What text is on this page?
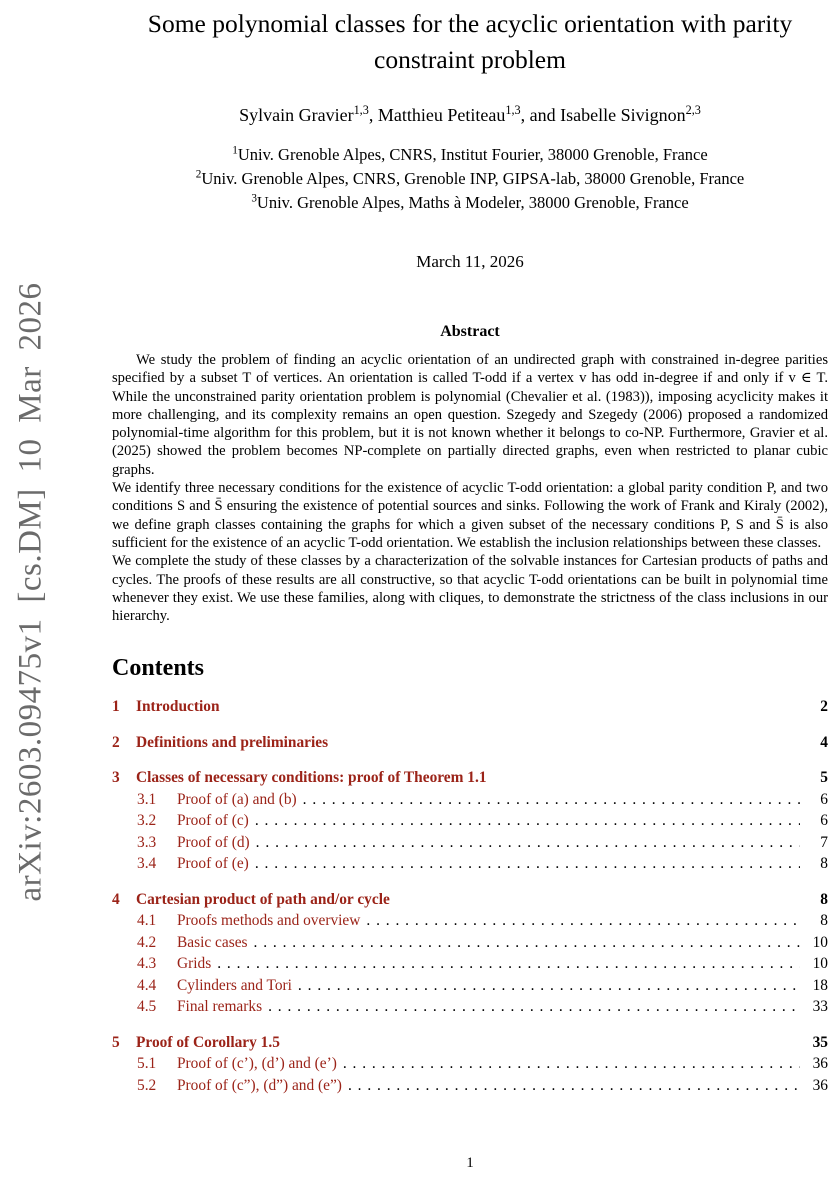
arXiv:2603.09475v1 [cs.DM] 10 Mar 2026
Some polynomial classes for the acyclic orientation with parity
constraint problem
Sylvain Gravier$^{1,3}$, Matthieu Petiteau$^{1,3}$, and Isabelle Sivignon$^{2,3}$
$^1$Univ. Grenoble Alpes, CNRS, Institut Fourier, 38000 Grenoble, France
$^2$Univ. Grenoble Alpes, CNRS, Grenoble INP, GIPSA-lab, 38000 Grenoble, France
$^3$Univ. Grenoble Alpes, Maths à Modeler, 38000 Grenoble, France
March 11, 2026
Abstract

We study the problem of finding an acyclic orientation of an undirected graph with constrained in-degree parities specified by a subset T of vertices. An orientation is called T-odd if a vertex v has odd in-degree if and only if v ∈ T. While the unconstrained parity orientation problem is polynomial (Chevalier et al. (1983)), imposing acyclicity makes it more challenging, and its complexity remains an open question. Szegedy and Szegedy (2006) proposed a randomized polynomial-time algorithm for this problem, but it is not known whether it belongs to co-NP. Furthermore, Gravier et al. (2025) showed the problem becomes NP-complete on partially directed graphs, even when restricted to planar cubic graphs.

We identify three necessary conditions for the existence of acyclic T-odd orientation: a global parity condition P, and two conditions S and S̄ ensuring the existence of potential sources and sinks. Following the work of Frank and Kiraly (2002), we define graph classes containing the graphs for which a given subset of the necessary conditions P, S and S̄ is also sufficient for the existence of an acyclic T-odd orientation. We establish the inclusion relationships between these classes.

We complete the study of these classes by a characterization of the solvable instances for Cartesian products of paths and cycles. The proofs of these results are all constructive, so that acyclic T-odd orientations can be built in polynomial time whenever they exist. We use these families, along with cliques, to demonstrate the strictness of the class inclusions in our hierarchy.

Contents
1	Introduction	2
2	Definitions and preliminaries	4
3	Classes of necessary conditions: proof of Theorem 1.1	5
3.1	Proof of (a) and (b) . . .	6
3.2	Proof of (c) . . .	6
3.3	Proof of (d) . . .	7
3.4	Proof of (e) . . .	8
4	Cartesian product of path and/or cycle	8
4.1	Proofs methods and overview . . .	8
4.2	Basic cases . . .	10
4.3	Grids . . .	10
4.4	Cylinders and Tori . . .	18
4.5	Final remarks . . .	33
5	Proof of Corollary 1.5	35
5.1	Proof of (c’), (d’) and (e’) . . .	36
5.2	Proof of (c”), (d”) and (e”) . . .	36
1
